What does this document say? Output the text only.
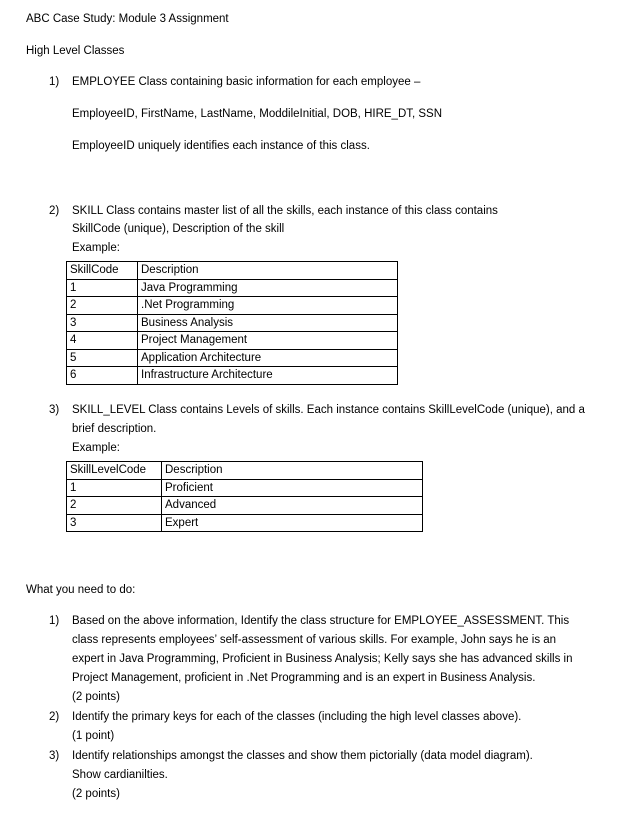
ABC Case Study: Module 3 Assignment
High Level Classes
1) EMPLOYEE Class containing basic information for each employee –
EmployeeID, FirstName, LastName, ModdileInitial, DOB, HIRE_DT, SSN
EmployeeID uniquely identifies each instance of this class.
2) SKILL Class contains master list of all the skills, each instance of this class contains
SkillCode (unique), Description of the skill
Example:
SkillCode	Description
1	Java Programming
2	.Net Programming
3	Business Analysis
4	Project Management
5	Application Architecture
6	Infrastructure Architecture
3) SKILL_LEVEL Class contains Levels of skills. Each instance contains SkillLevelCode (unique), and a
brief description.
Example:
SkillLevelCode	Description
1	Proficient
2	Advanced
3	Expert
What you need to do:
1) Based on the above information, Identify the class structure for EMPLOYEE_ASSESSMENT. This
class represents employees’ self-assessment of various skills. For example, John says he is an
expert in Java Programming, Proficient in Business Analysis; Kelly says she has advanced skills in
Project Management, proficient in .Net Programming and is an expert in Business Analysis.
(2 points)
2) Identify the primary keys for each of the classes (including the high level classes above).
(1 point)
3) Identify relationships amongst the classes and show them pictorially (data model diagram).
Show cardianilties.
(2 points)
